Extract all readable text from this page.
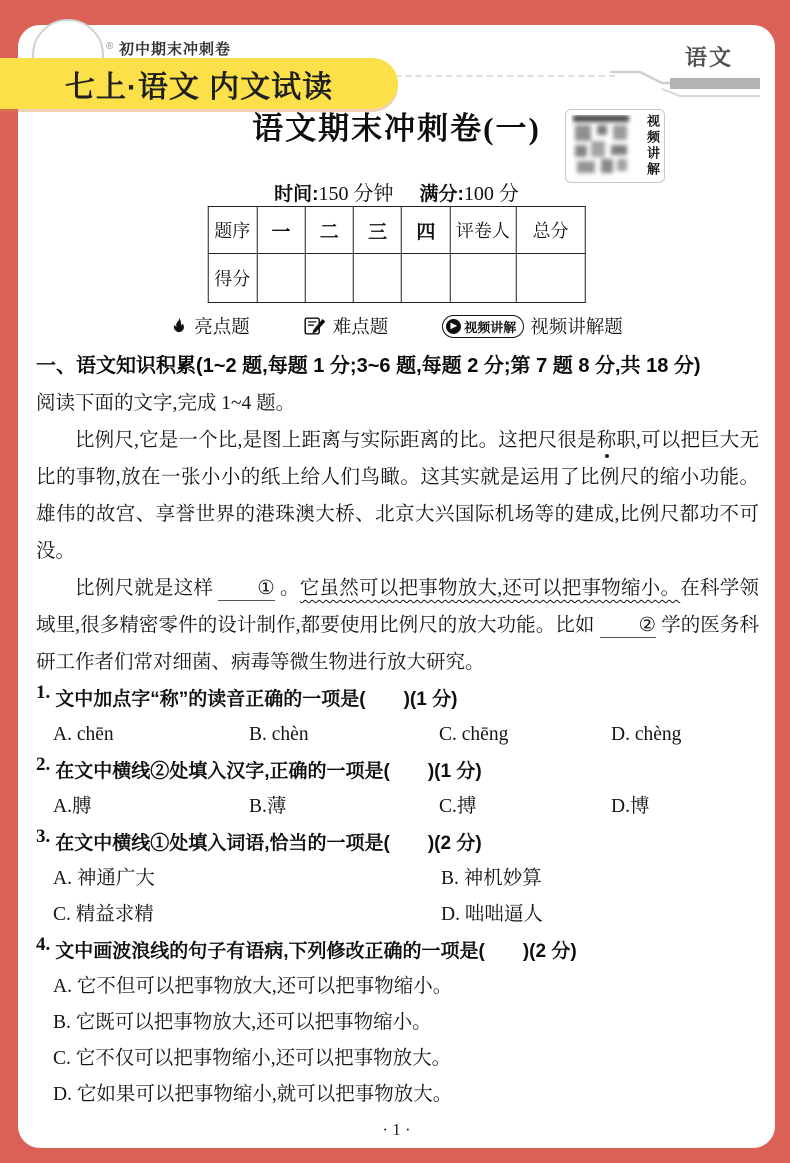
® 初中期末冲刺卷
七上·语文 内文试读
语文
语文期末冲刺卷(一)	视频讲解
时间:150 分钟 满分:100 分
题序	一	二	三	四	评卷人	总分
得分						
亮点题	难点题	▶ 视频讲解 视频讲解题
一、语文知识积累(1~2 题,每题 1 分;3~6 题,每题 2 分;第 7 题 8 分,共 18 分)
阅读下面的文字,完成 1~4 题。
比例尺,它是一个比,是图上距离与实际距离的比。这把尺很是称职,可以把巨大无比的事物,放在一张小小的纸上给人们鸟瞰。这其实就是运用了比例尺的缩小功能。雄伟的故宫、享誉世界的港珠澳大桥、北京大兴国际机场等的建成,比例尺都功不可没。
比例尺就是这样 ① 。它虽然可以把事物放大,还可以把事物缩小。在科学领域里,很多精密零件的设计制作,都要使用比例尺的放大功能。比如 ② 学的医务科研工作者们常对细菌、病毒等微生物进行放大研究。
1. 文中加点字“称”的读音正确的一项是(　　)(1 分)
A. chēn	B. chèn	C. chēng	D. chèng
2. 在文中横线②处填入汉字,正确的一项是(　　)(1 分)
A.膊	B.薄	C.搏	D.博
3. 在文中横线①处填入词语,恰当的一项是(　　)(2 分)
A. 神通广大	B. 神机妙算
C. 精益求精	D. 咄咄逼人
4. 文中画波浪线的句子有语病,下列修改正确的一项是(　　)(2 分)
A. 它不但可以把事物放大,还可以把事物缩小。
B. 它既可以把事物放大,还可以把事物缩小。
C. 它不仅可以把事物缩小,还可以把事物放大。
D. 它如果可以把事物缩小,就可以把事物放大。
· 1 ·
